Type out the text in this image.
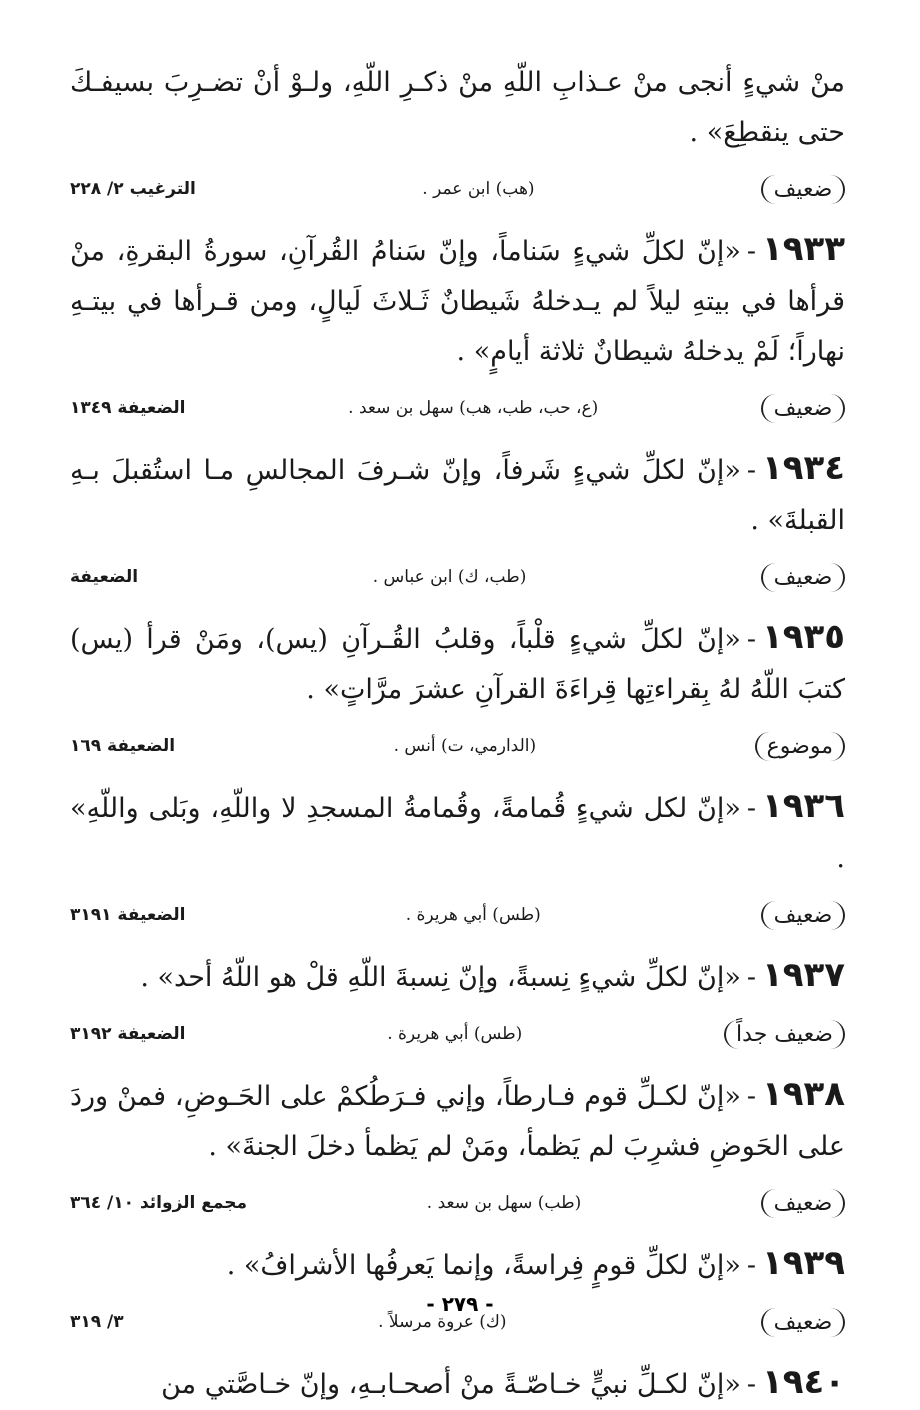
منْ شيءٍ أنجى منْ عـذابِ اللّهِ منْ ذكـرِ اللّهِ، ولـوْ أنْ تضـرِبَ بسيفـكَ حتى ينقطِعَ» .

ضعيف
(هب) ابن عمر .
الترغيب ٢/ ٢٢٨

١٩٣٣-«إنّ لكلِّ شيءٍ سَناماً، وإنّ سَنامُ القُرآنِ، سورةُ البقرةِ، منْ قرأها في بيتهِ ليلاً لم يـدخلهُ شَيطانٌ ثَـلاثَ لَيالٍ، ومن قـرأها في بيتـهِ نهاراً؛ لَمْ يدخلهُ شيطانٌ ثلاثة أيامٍ» .

ضعيف
(ع، حب، طب، هب) سهل بن سعد .
الضعيفة ١٣٤٩

١٩٣٤-«إنّ لكلِّ شيءٍ شَرفاً، وإنّ شـرفَ المجالسِ مـا استُقبلَ بـهِ القبلةَ» .

ضعيف
(طب، ك) ابن عباس .
الضعيفة

١٩٣٥-«إنّ لكلِّ شيءٍ قلْباً، وقلبُ القُـرآنِ (يس)، ومَنْ قرأ (يس) كتبَ اللّهُ لهُ بِقراءتِها قِراءَةَ القرآنِ عشرَ مرَّاتٍ» .

موضوع
(الدارمي، ت) أنس .
الضعيفة ١٦٩

١٩٣٦-«إنّ لكل شيءٍ قُمامةً، وقُمامةُ المسجدِ لا واللّهِ، وبَلى واللّهِ» .

ضعيف
(طس) أبي هريرة .
الضعيفة ٣١٩١

١٩٣٧-«إنّ لكلِّ شيءٍ نِسبةً، وإنّ نِسبةَ اللّهِ قلْ هو اللّهُ أحد» .

ضعيف جداً
(طس) أبي هريرة .
الضعيفة ٣١٩٢

١٩٣٨-«إنّ لكـلِّ قوم فـارطاً، وإني فـرَطُكمْ على الحَـوضِ، فمنْ وردَ على الحَوضِ فشرِبَ لم يَظمأ، ومَنْ لم يَظمأ دخلَ الجنةَ» .

ضعيف
(طب) سهل بن سعد .
مجمع الزوائد ١٠/ ٣٦٤

١٩٣٩-«إنّ لكلِّ قومٍ فِراسةً، وإنما يَعرفُها الأشرافُ» .

ضعيف
(ك) عروة مرسلاً .
٣/ ٣١٩

١٩٤٠-«إنّ لكـلِّ نبيٍّ خـاصّـةً منْ أصحـابـهِ، وإنّ خـاصَّتي من

- ٢٧٩ -
